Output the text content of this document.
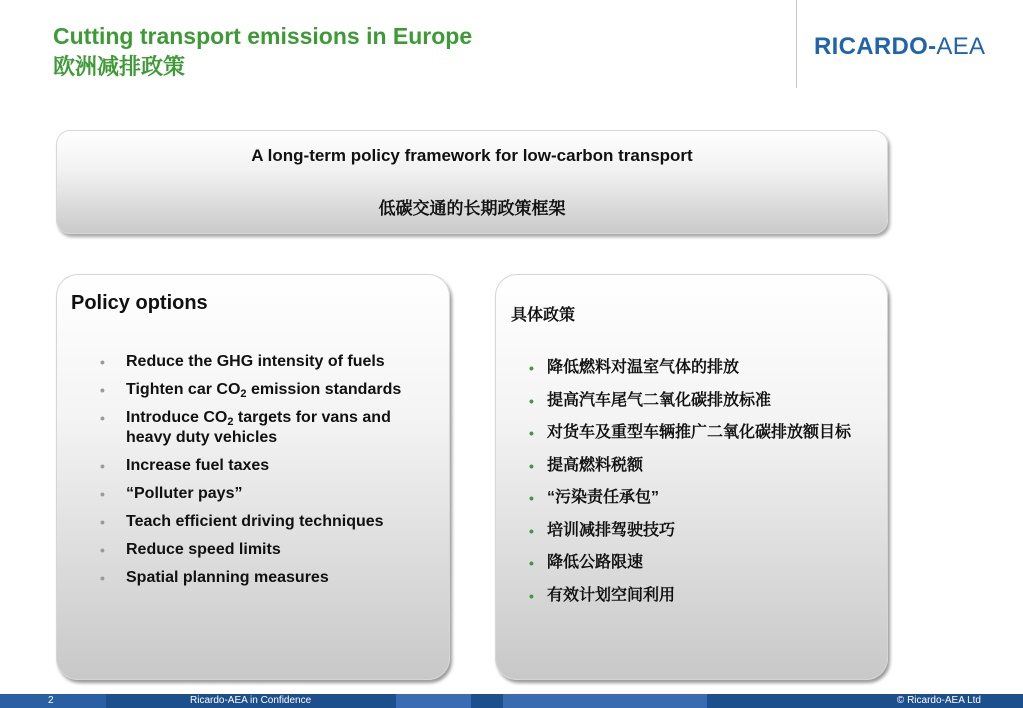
Cutting transport emissions in Europe
欧洲减排政策
RICARDO-AEA
A long-term policy framework for low-carbon transport
低碳交通的长期政策框架
Policy options
• Reduce the GHG intensity of fuels
• Tighten car $CO_2$ emission standards
• Introduce $CO_2$ targets for vans and heavy duty vehicles
• Increase fuel taxes
• “Polluter pays”
• Teach efficient driving techniques
• Reduce speed limits
• Spatial planning measures
具体政策
• 降低燃料对温室气体的排放
• 提高汽车尾气二氧化碳排放标准
• 对货车及重型车辆推广二氧化碳排放额目标
• 提高燃料税额
• “污染责任承包”
• 培训减排驾驶技巧
• 降低公路限速
• 有效计划空间利用
2	Ricardo-AEA in Confidence	© Ricardo-AEA Ltd
